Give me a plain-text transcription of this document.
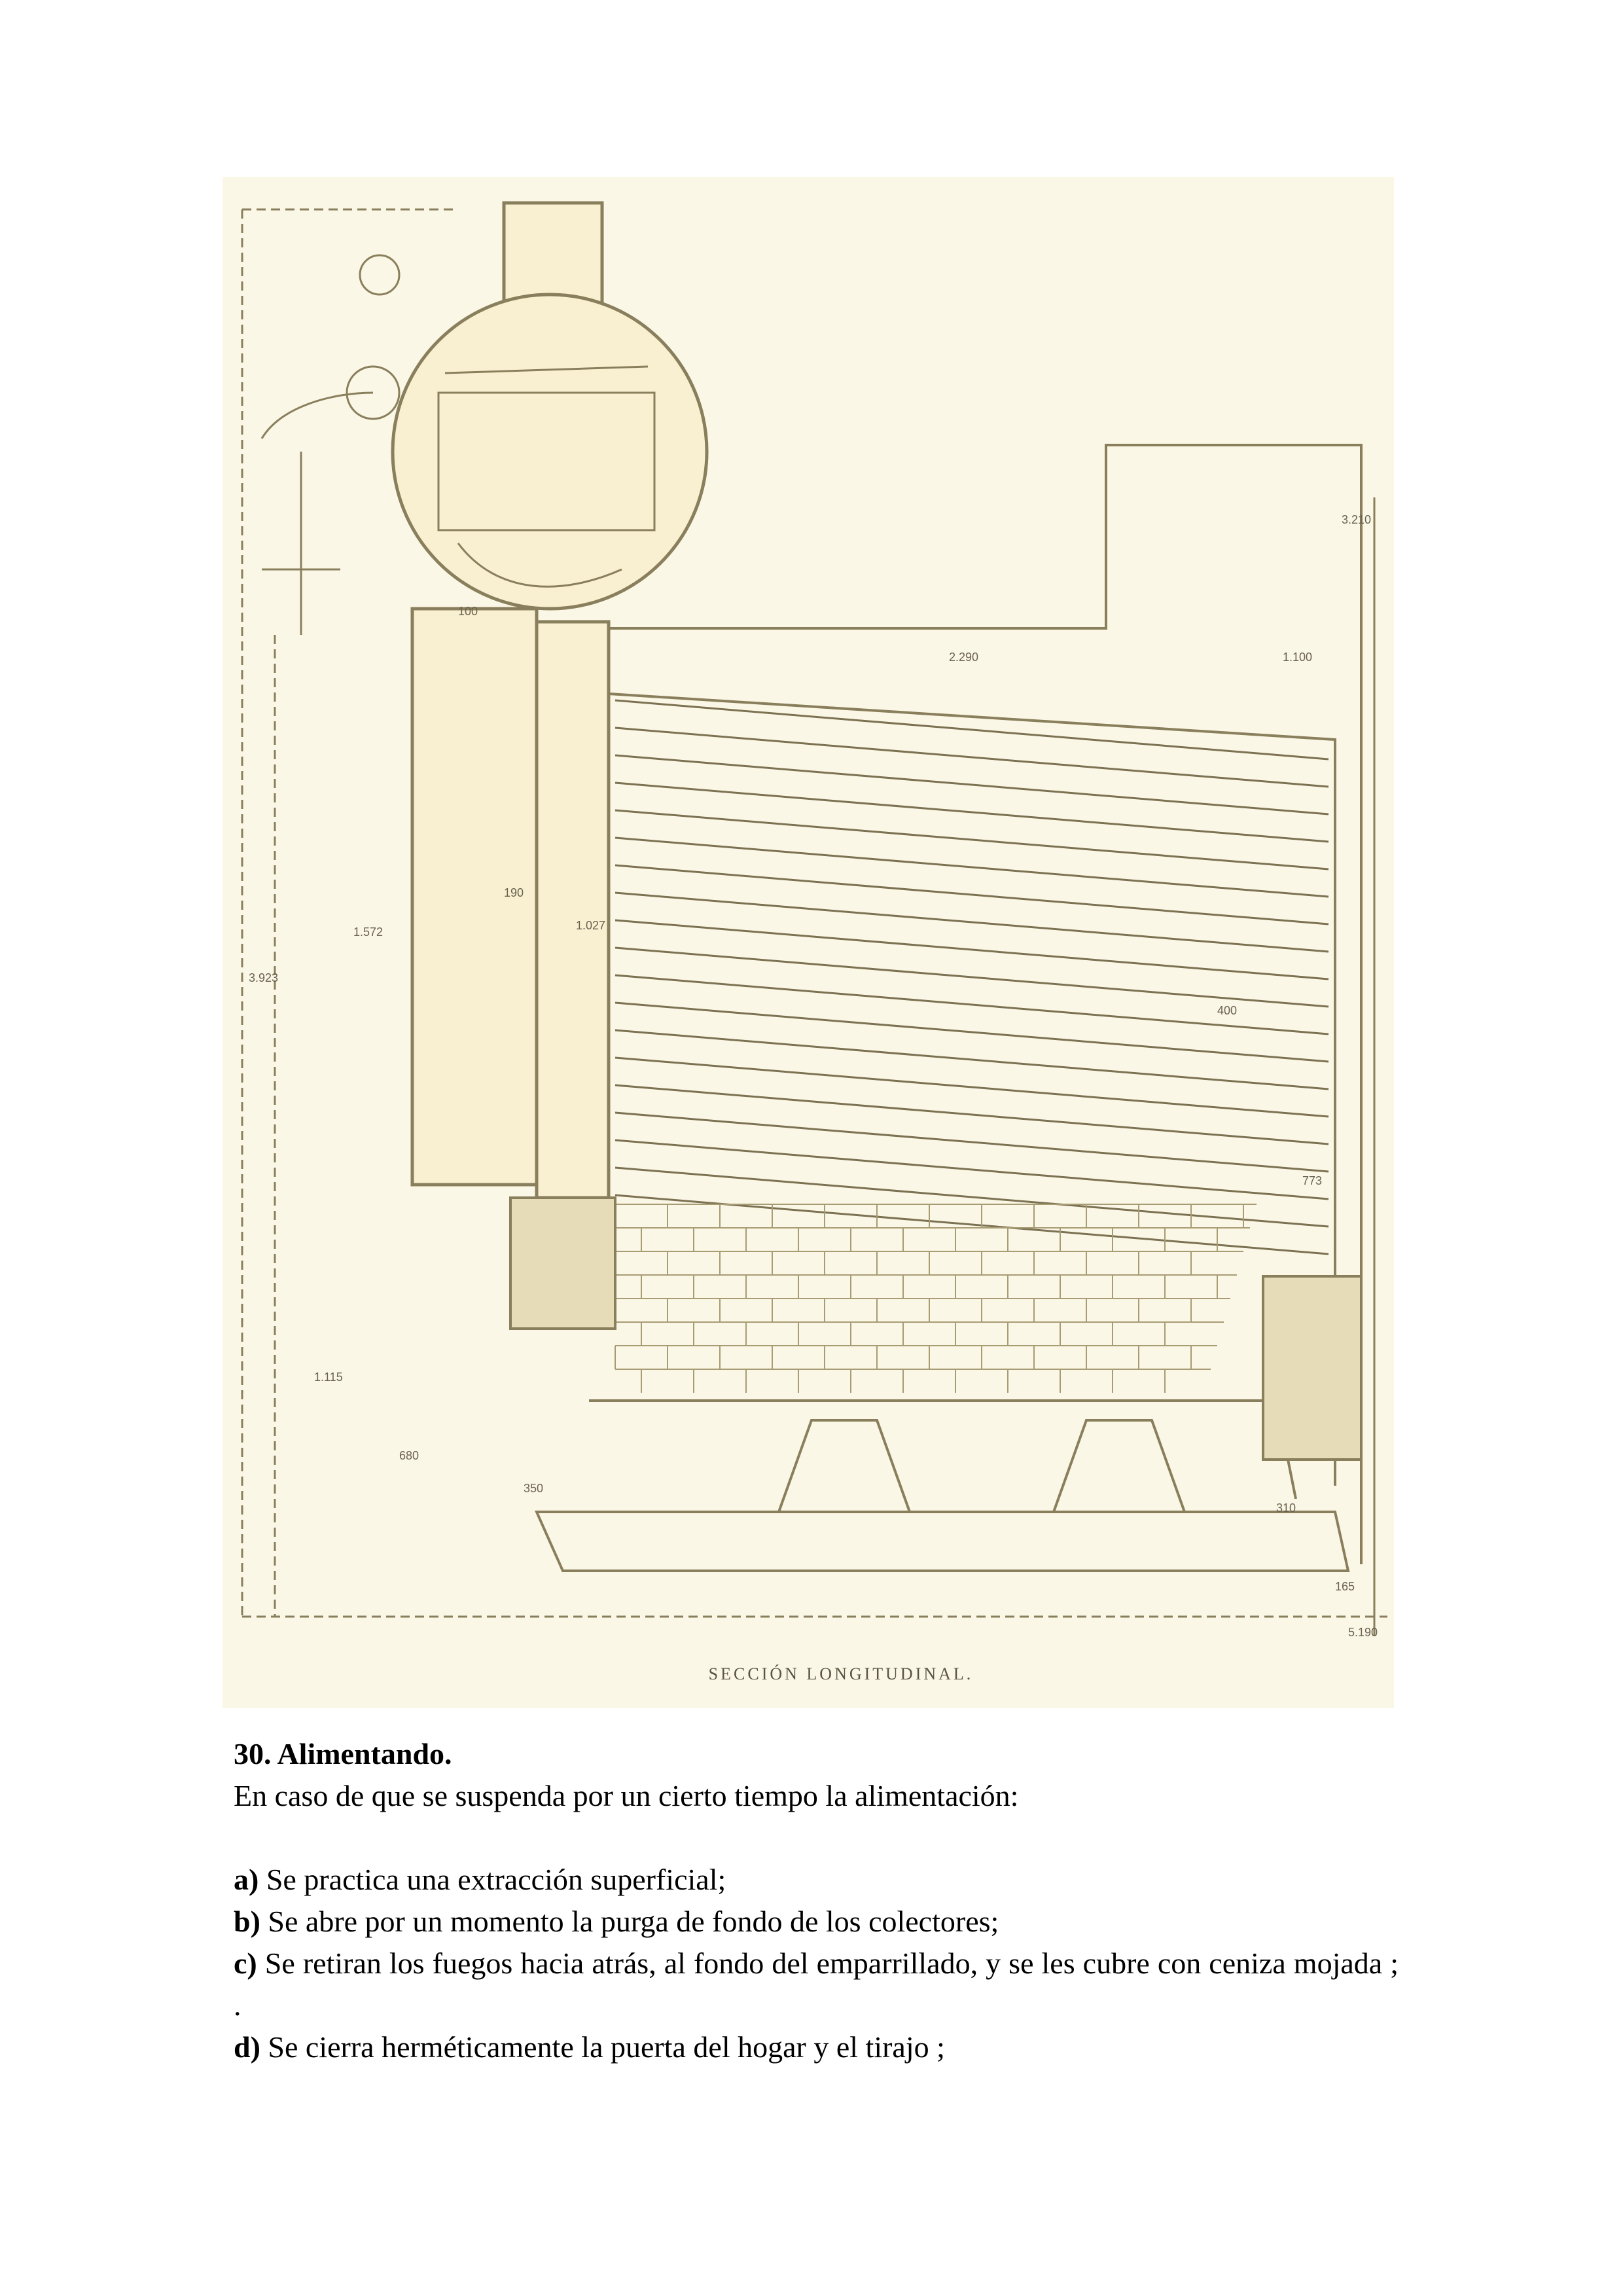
3.210
2.290	1.100
1.572	1.027
3.923
100
190
1.115
680
350
310
165
5.190
400
773
SECCIÓN LONGITUDINAL.

30. Alimentando.

En caso de que se suspenda por un cierto tiempo la alimentación:

a) Se practica una extracción superficial;

b) Se abre por un momento la purga de fondo de los colectores;

c) Se retiran los fuegos hacia atrás, al fondo del emparrillado, y se les cubre con ceniza mojada ; .

d) Se cierra herméticamente la puerta del hogar y el tirajo ;
